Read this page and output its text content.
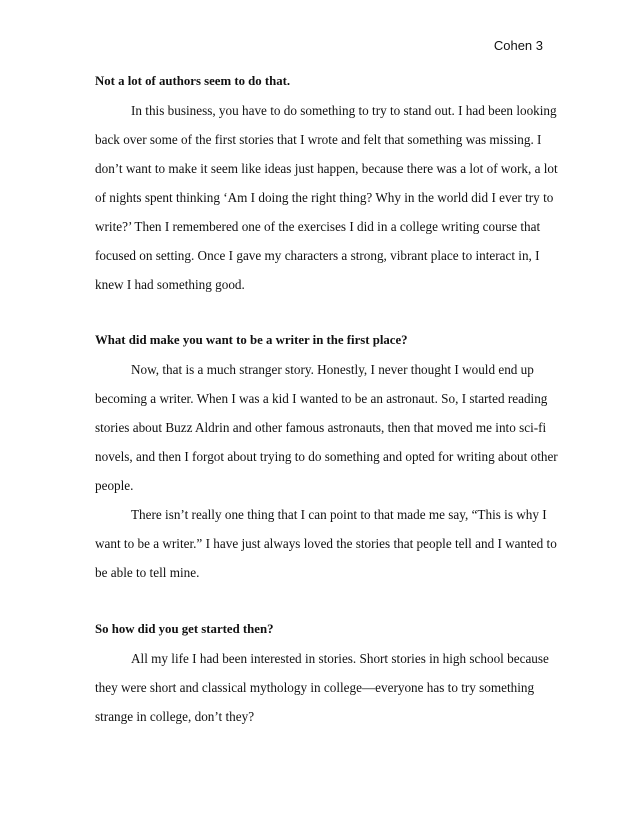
Cohen 3
Not a lot of authors seem to do that.
In this business, you have to do something to try to stand out. I had been looking
back over some of the first stories that I wrote and felt that something was missing. I
don’t want to make it seem like ideas just happen, because there was a lot of work, a lot
of nights spent thinking ‘Am I doing the right thing? Why in the world did I ever try to
write?’ Then I remembered one of the exercises I did in a college writing course that
focused on setting. Once I gave my characters a strong, vibrant place to interact in, I
knew I had something good.
What did make you want to be a writer in the first place?
Now, that is a much stranger story. Honestly, I never thought I would end up
becoming a writer. When I was a kid I wanted to be an astronaut. So, I started reading
stories about Buzz Aldrin and other famous astronauts, then that moved me into sci-fi
novels, and then I forgot about trying to do something and opted for writing about other
people.
There isn’t really one thing that I can point to that made me say, “This is why I
want to be a writer.” I have just always loved the stories that people tell and I wanted to
be able to tell mine.
So how did you get started then?
All my life I had been interested in stories. Short stories in high school because
they were short and classical mythology in college—everyone has to try something
strange in college, don’t they?
